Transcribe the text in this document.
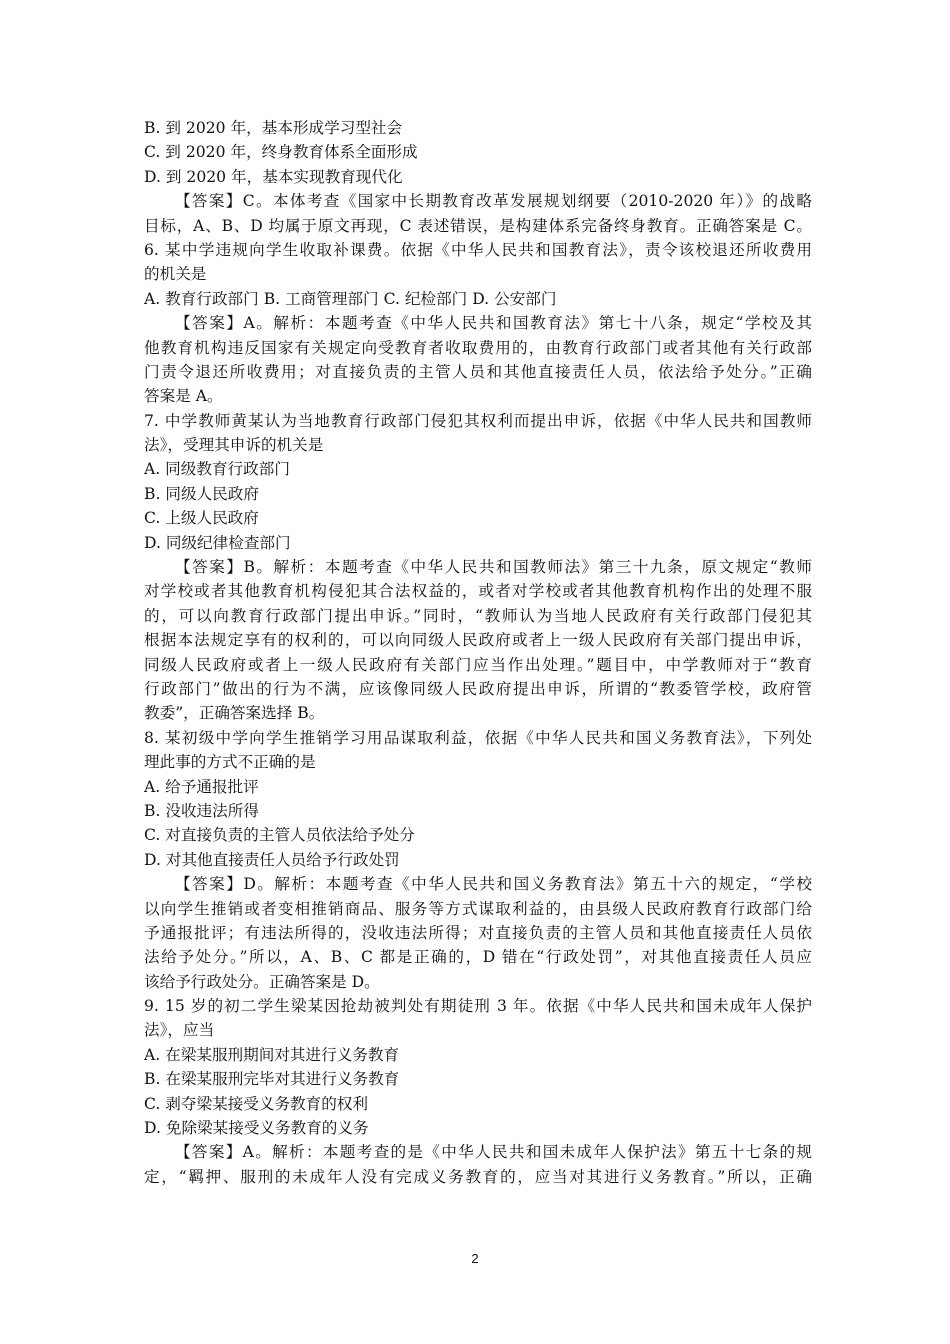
B. 到 2020 年，基本形成学习型社会
C. 到 2020 年，终身教育体系全面形成
D. 到 2020 年，基本实现教育现代化
【答案】C。本体考查《国家中长期教育改革发展规划纲要（2010-2020 年）》的战略
目标，A、B、D 均属于原文再现，C 表述错误，是构建体系完备终身教育。正确答案是 C。
6. 某中学违规向学生收取补课费。依据《中华人民共和国教育法》，责令该校退还所收费用
的机关是
A. 教育行政部门 B. 工商管理部门 C. 纪检部门 D. 公安部门
【答案】A。解析：本题考查《中华人民共和国教育法》第七十八条，规定“学校及其
他教育机构违反国家有关规定向受教育者收取费用的，由教育行政部门或者其他有关行政部
门责令退还所收费用；对直接负责的主管人员和其他直接责任人员，依法给予处分。”正确
答案是 A。
7. 中学教师黄某认为当地教育行政部门侵犯其权利而提出申诉，依据《中华人民共和国教师
法》，受理其申诉的机关是
A. 同级教育行政部门
B. 同级人民政府
C. 上级人民政府
D. 同级纪律检查部门
【答案】B。解析：本题考查《中华人民共和国教师法》第三十九条，原文规定“教师
对学校或者其他教育机构侵犯其合法权益的，或者对学校或者其他教育机构作出的处理不服
的，可以向教育行政部门提出申诉。”同时，“教师认为当地人民政府有关行政部门侵犯其
根据本法规定享有的权利的，可以向同级人民政府或者上一级人民政府有关部门提出申诉，
同级人民政府或者上一级人民政府有关部门应当作出处理。”题目中，中学教师对于“教育
行政部门”做出的行为不满，应该像同级人民政府提出申诉，所谓的“教委管学校，政府管
教委”，正确答案选择 B。
8. 某初级中学向学生推销学习用品谋取利益，依据《中华人民共和国义务教育法》，下列处
理此事的方式不正确的是
A. 给予通报批评
B. 没收违法所得
C. 对直接负责的主管人员依法给予处分
D. 对其他直接责任人员给予行政处罚
【答案】D。解析：本题考查《中华人民共和国义务教育法》第五十六的规定，“学校
以向学生推销或者变相推销商品、服务等方式谋取利益的，由县级人民政府教育行政部门给
予通报批评；有违法所得的，没收违法所得；对直接负责的主管人员和其他直接责任人员依
法给予处分。”所以，A、B、C 都是正确的，D 错在“行政处罚”，对其他直接责任人员应
该给予行政处分。正确答案是 D。
9. 15 岁的初二学生梁某因抢劫被判处有期徒刑 3 年。依据《中华人民共和国未成年人保护
法》，应当
A. 在梁某服刑期间对其进行义务教育
B. 在梁某服刑完毕对其进行义务教育
C. 剥夺梁某接受义务教育的权利
D. 免除梁某接受义务教育的义务
【答案】A。解析：本题考查的是《中华人民共和国未成年人保护法》第五十七条的规
定，“羁押、服刑的未成年人没有完成义务教育的，应当对其进行义务教育。”所以，正确
2
